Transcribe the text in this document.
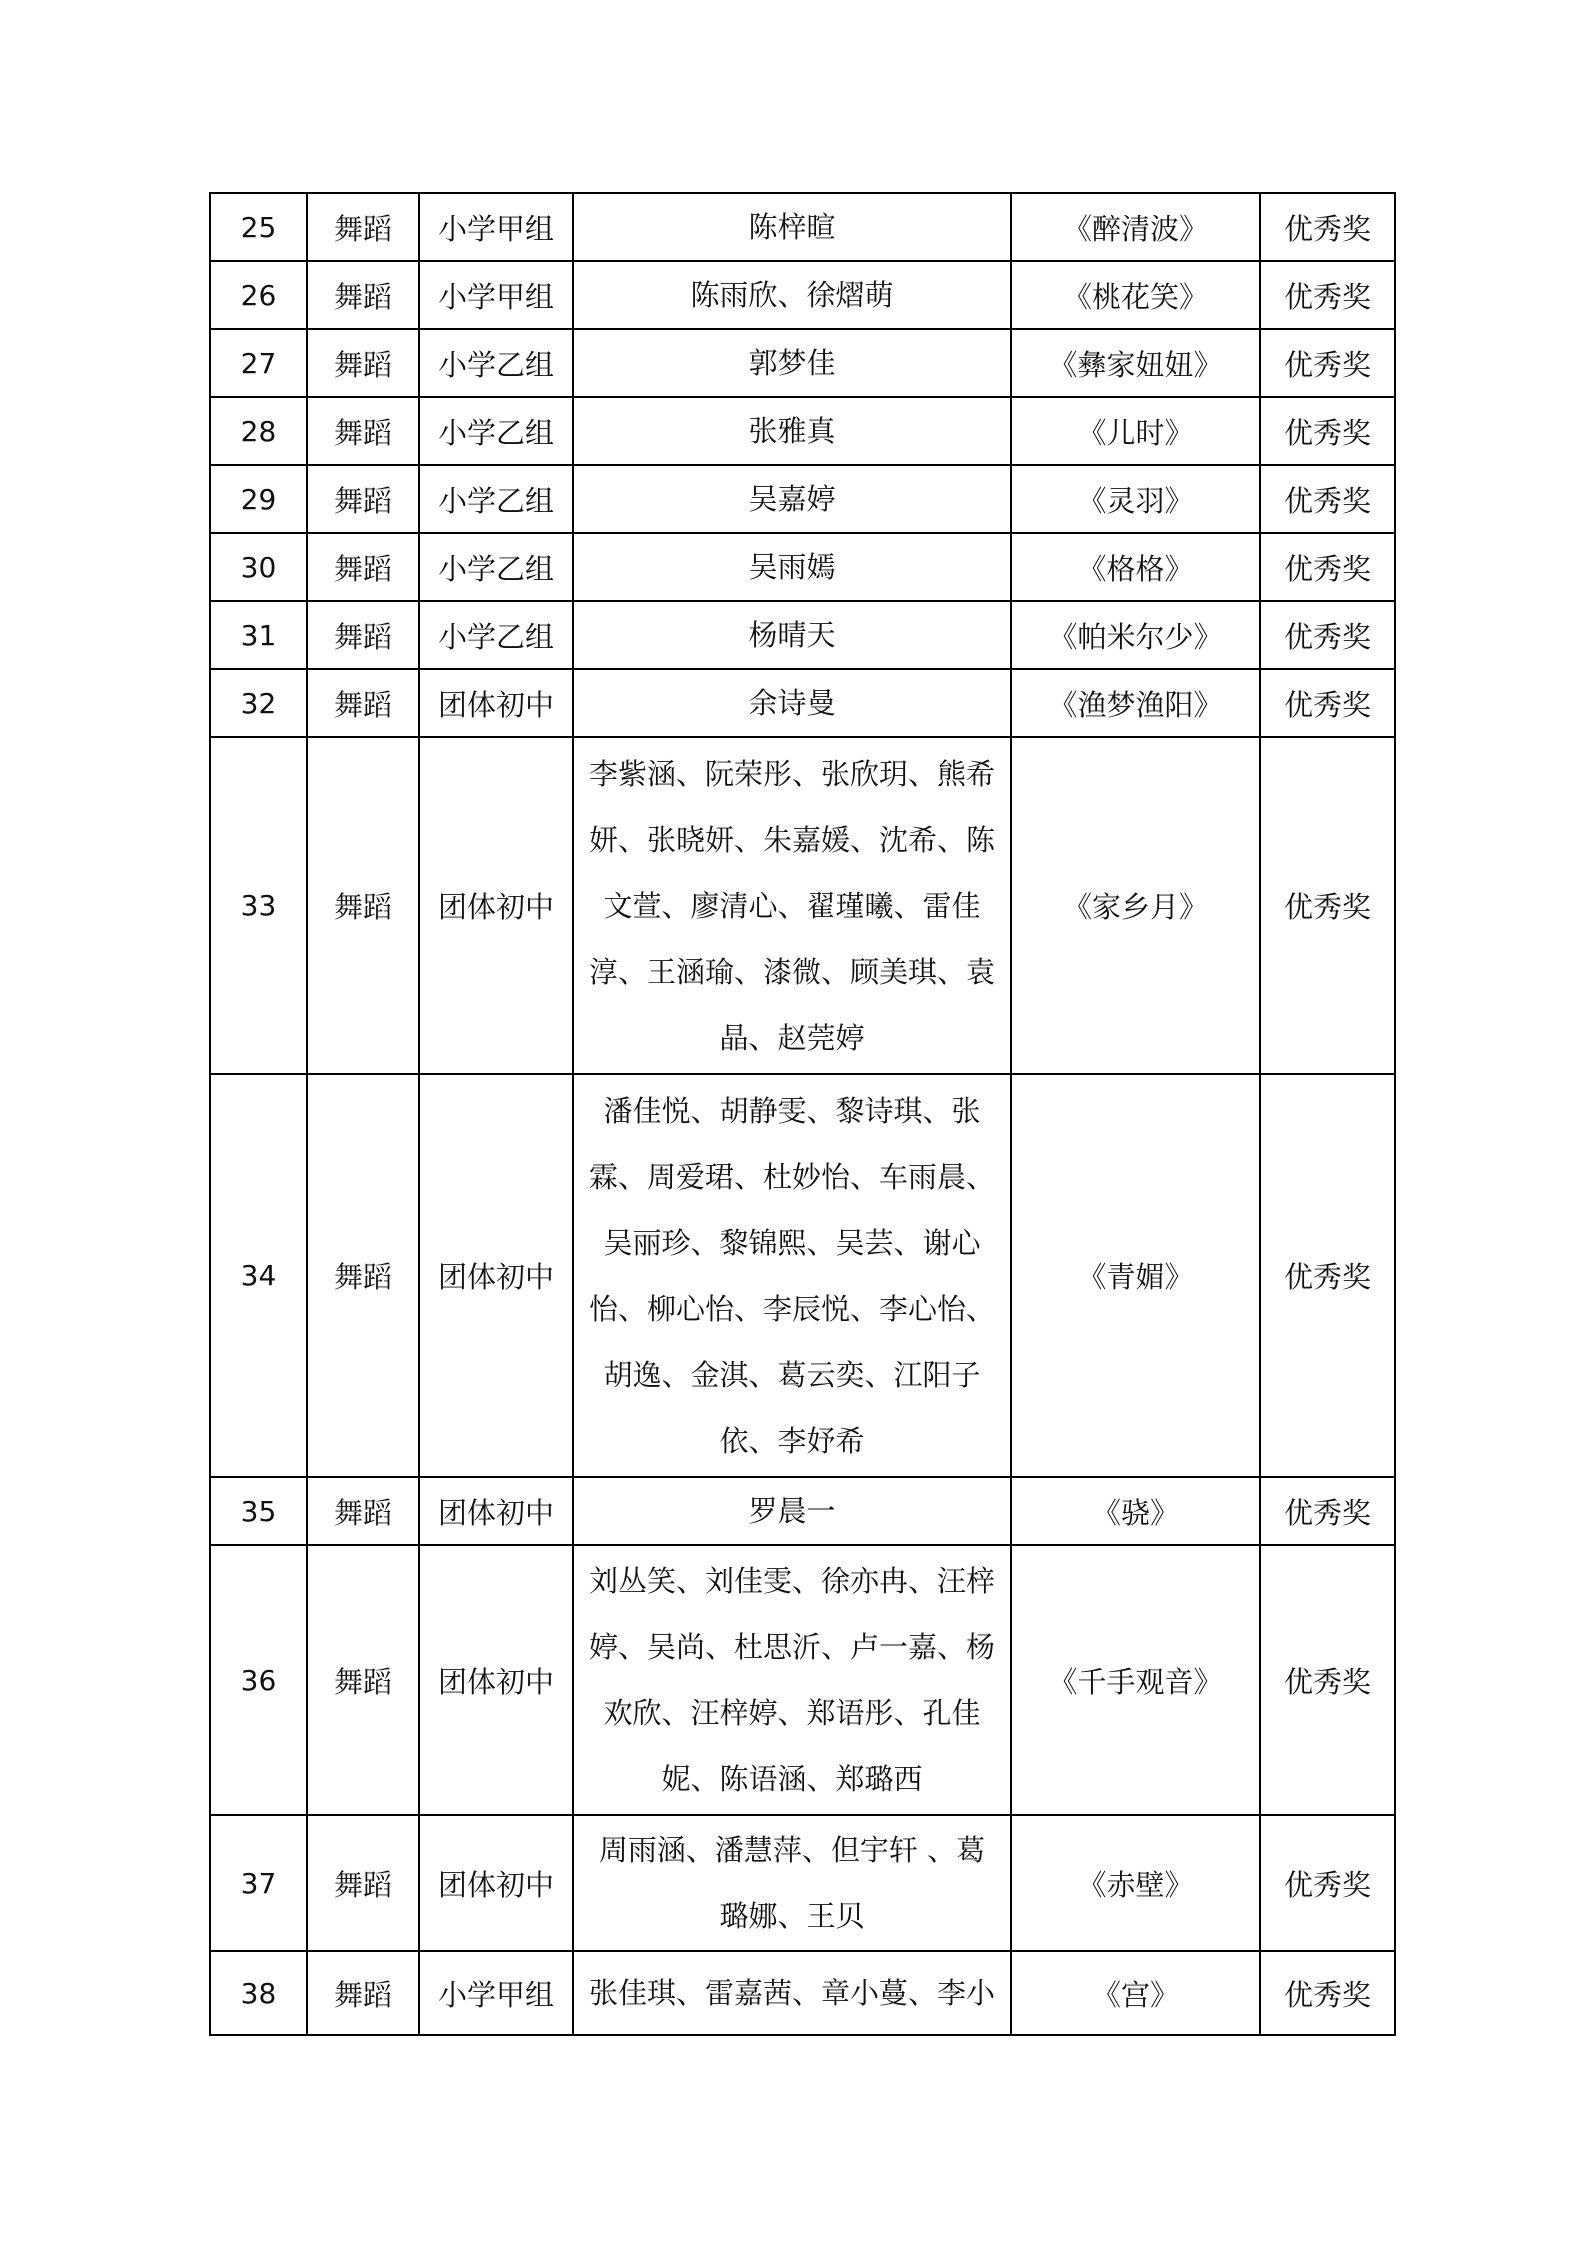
25	舞蹈	小学甲组	陈梓暄	《醉清波》	优秀奖
26	舞蹈	小学甲组	陈雨欣、徐熠萌	《桃花笑》	优秀奖
27	舞蹈	小学乙组	郭梦佳	《彝家妞妞》	优秀奖
28	舞蹈	小学乙组	张雅真	《儿时》	优秀奖
29	舞蹈	小学乙组	吴嘉婷	《灵羽》	优秀奖
30	舞蹈	小学乙组	吴雨嫣	《格格》	优秀奖
31	舞蹈	小学乙组	杨晴天	《帕米尔少》	优秀奖
32	舞蹈	团体初中	余诗曼	《渔梦渔阳》	优秀奖
33	舞蹈	团体初中	李紫涵、阮荣彤、张欣玥、熊希妍、张晓妍、朱嘉媛、沈希、陈文萱、廖清心、翟瑾曦、雷佳淳、王涵瑜、漆微、顾美琪、袁晶、赵莞婷	《家乡月》	优秀奖
34	舞蹈	团体初中	潘佳悦、胡静雯、黎诗琪、张霖、周爱珺、杜妙怡、车雨晨、吴丽珍、黎锦熙、吴芸、谢心怡、柳心怡、李辰悦、李心怡、胡逸、金淇、葛云奕、江阳子依、李妤希	《青媚》	优秀奖
35	舞蹈	团体初中	罗晨一	《骁》	优秀奖
36	舞蹈	团体初中	刘丛笑、刘佳雯、徐亦冉、汪梓婷、吴尚、杜思沂、卢一嘉、杨欢欣、汪梓婷、郑语彤、孔佳妮、陈语涵、郑璐西	《千手观音》	优秀奖
37	舞蹈	团体初中	周雨涵、潘慧萍、但宇轩 、葛璐娜、王贝	《赤壁》	优秀奖
38	舞蹈	小学甲组	张佳琪、雷嘉茜、章小蔓、李小	《宫》	优秀奖
